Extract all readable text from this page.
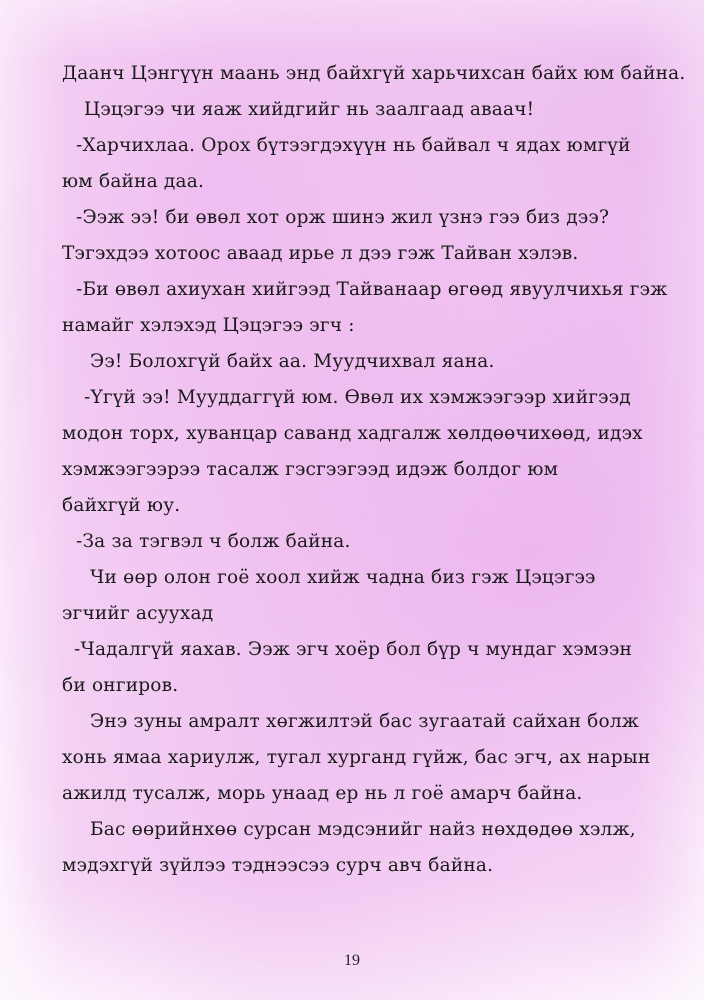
Даанч Цэнгүүн маань энд байхгүй харьчихсан байх юм байна.
Цэцэгээ чи яаж хийдгийг нь заалгаад аваач!
-Харчихлаа. Орох бүтээгдэхүүн нь байвал ч ядах юмгүй
юм байна даа.
-Ээж ээ! би өвөл хот орж шинэ жил үзнэ гээ биз дээ?
Тэгэхдээ хотоос аваад ирье л дээ гэж Тайван хэлэв.
-Би өвөл ахиухан хийгээд Тайванаар өгөөд явуулчихья гэж
намайг хэлэхэд Цэцэгээ эгч :
Ээ! Болохгүй байх аа. Муудчихвал яана.
-Үгүй ээ! Мууддаггүй юм. Өвөл их хэмжээгээр хийгээд
модон торх, хуванцар саванд хадгалж хөлдөөчихөөд, идэх
хэмжээгээрээ тасалж гэсгээгээд идэж болдог юм
байхгүй юу.
-За за тэгвэл ч болж байна.
Чи өөр олон гоё хоол хийж чадна биз гэж Цэцэгээ
эгчийг асуухад
-Чадалгүй яахав. Ээж эгч хоёр бол бүр ч мундаг хэмээн
би онгиров.
Энэ зуны амралт хөгжилтэй бас зугаатай сайхан болж
хонь ямаа хариулж, тугал хурганд гүйж, бас эгч, ах нарын
ажилд тусалж, морь унаад ер нь л гоё амарч байна.
Бас өөрийнхөө сурсан мэдсэнийг найз нөхдөдөө хэлж,
мэдэхгүй зүйлээ тэднээсээ сурч авч байна.
19
